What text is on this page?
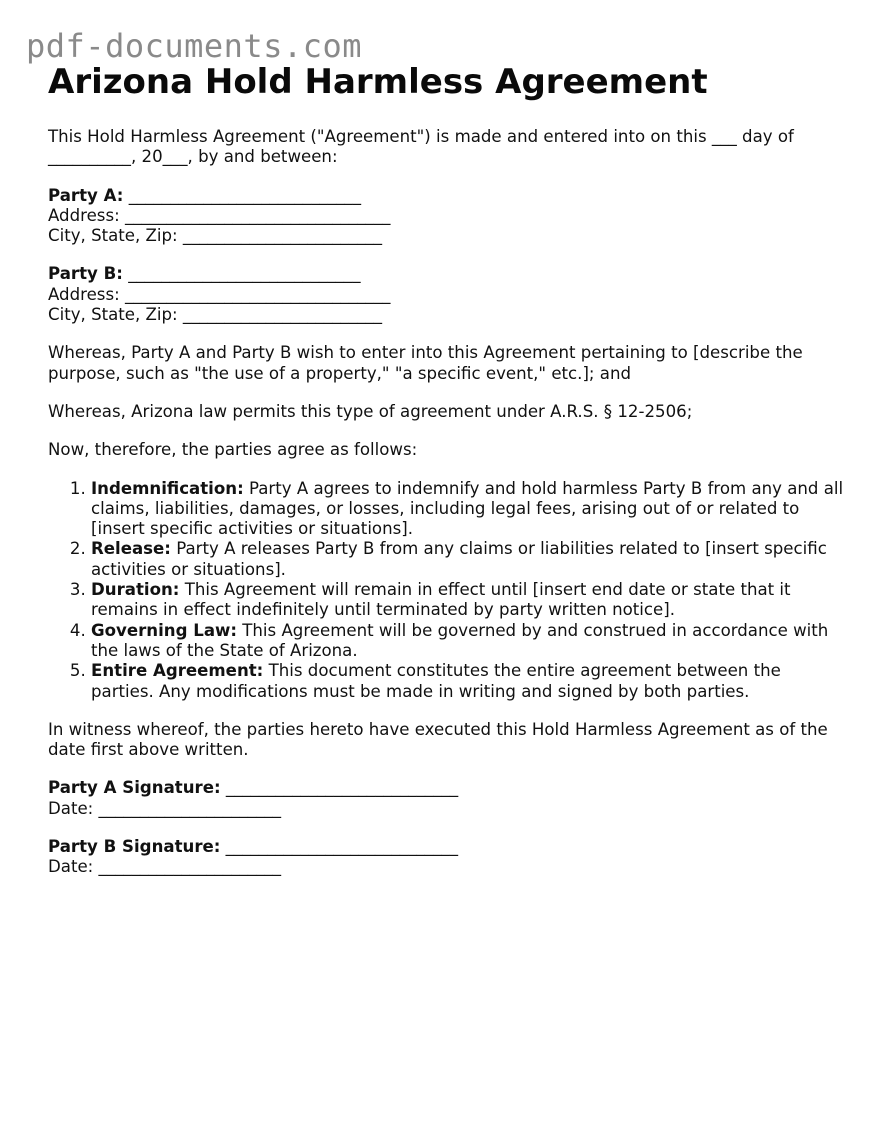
pdf-documents.com
Arizona Hold Harmless Agreement

This Hold Harmless Agreement ("Agreement") is made and entered into on this ___ day of
__________, 20___, by and between:

Party A: ____________________________
Address: ________________________________
City, State, Zip: ________________________
Party B: ____________________________
Address: ________________________________
City, State, Zip: ________________________

Whereas, Party A and Party B wish to enter into this Agreement pertaining to [describe the purpose, such as "the use of a property," "a specific event," etc.]; and

Whereas, Arizona law permits this type of agreement under A.R.S. § 12-2506;

Now, therefore, the parties agree as follows:

1. Indemnification: Party A agrees to indemnify and hold harmless Party B from any and all claims, liabilities, damages, or losses, including legal fees, arising out of or related to [insert specific activities or situations].
2. Release: Party A releases Party B from any claims or liabilities related to [insert specific activities or situations].
3. Duration: This Agreement will remain in effect until [insert end date or state that it remains in effect indefinitely until terminated by party written notice].
4. Governing Law: This Agreement will be governed by and construed in accordance with the laws of the State of Arizona.
5. Entire Agreement: This document constitutes the entire agreement between the parties. Any modifications must be made in writing and signed by both parties.

In witness whereof, the parties hereto have executed this Hold Harmless Agreement as of the date first above written.

Party A Signature: ____________________________
Date: ______________________
Party B Signature: ____________________________
Date: ______________________
